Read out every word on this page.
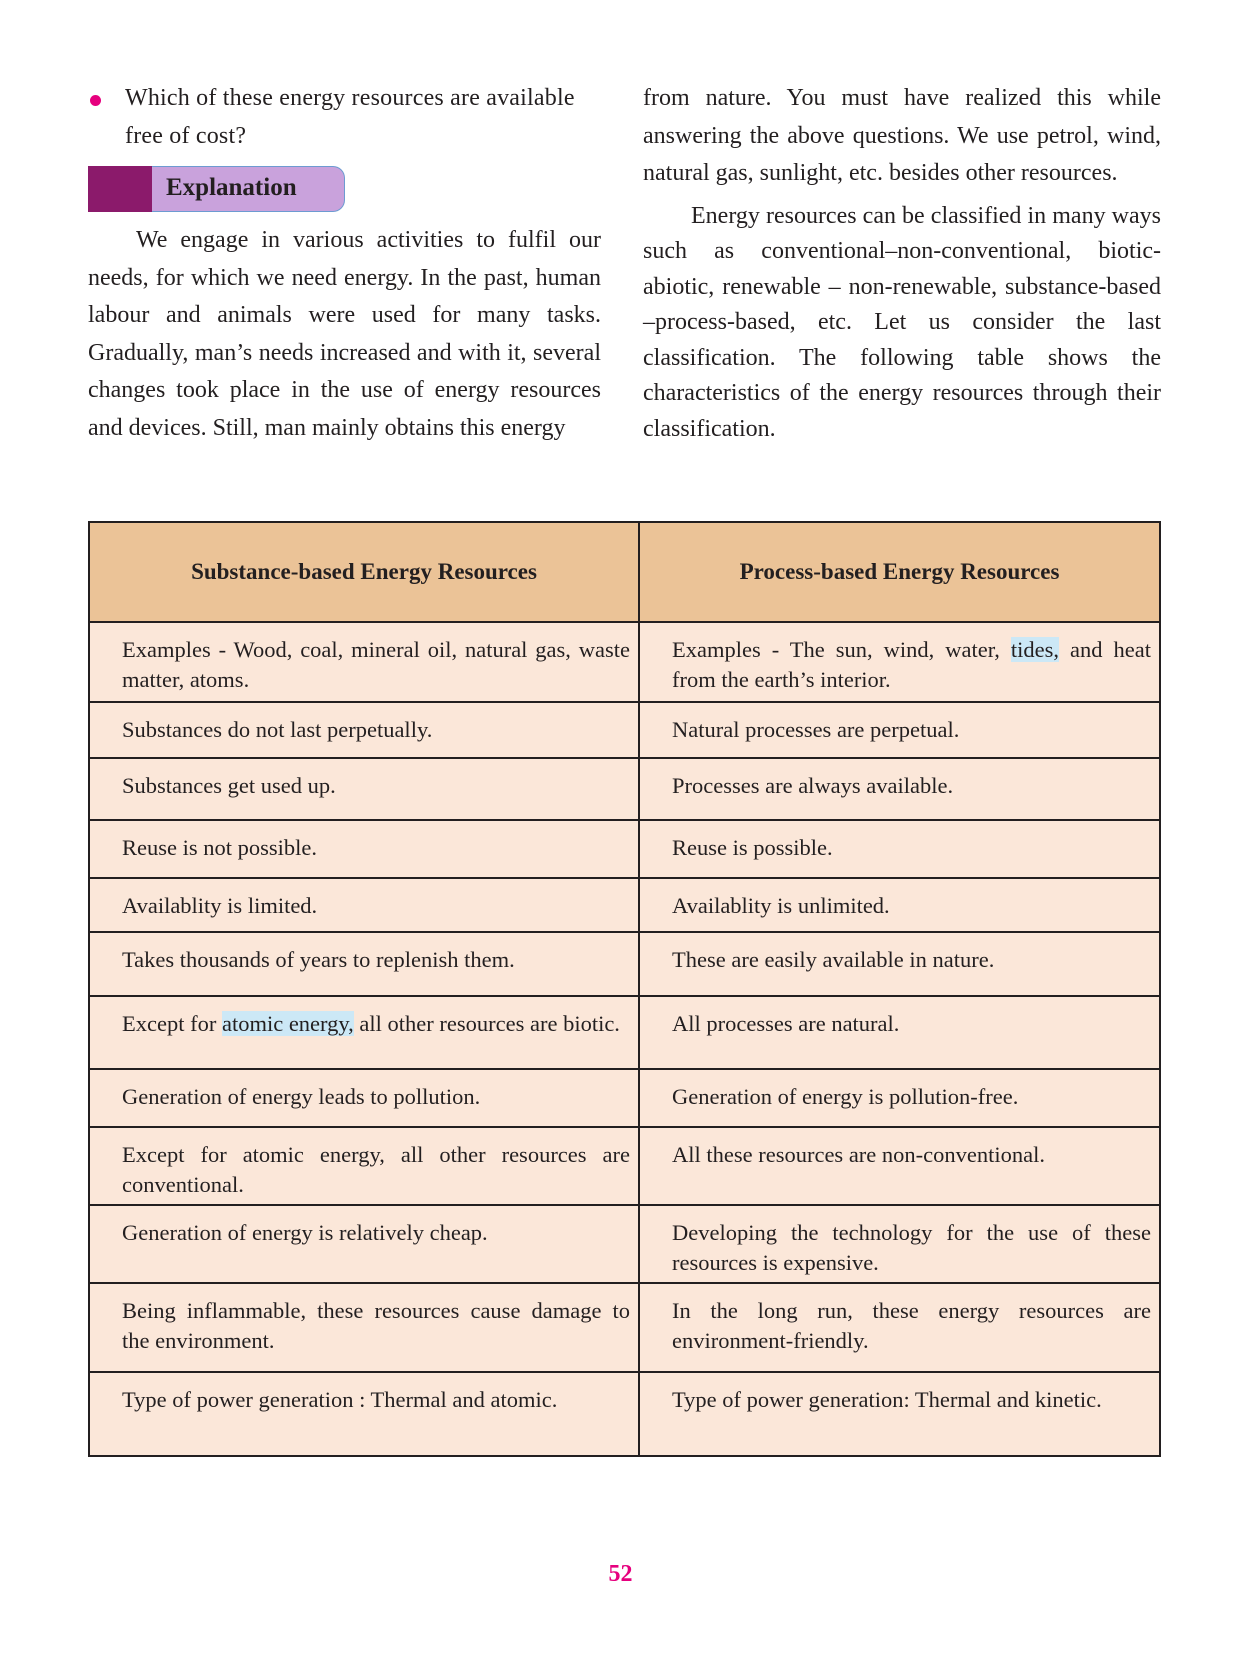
Which of these energy resources are available free of cost?
Explanation

We engage in various activities to fulfil our needs, for which we need energy. In the past, human labour and animals were used for many tasks. Gradually, man’s needs increased and with it, several changes took place in the use of energy resources and devices. Still, man mainly obtains this energy

from nature. You must have realized this while answering the above questions. We use petrol, wind, natural gas, sunlight, etc. besides other resources.

Energy resources can be classified in many ways such as conventional–non-conventional, biotic-abiotic, renewable – non-renewable, substance-based –process-based, etc. Let us consider the last classification. The following table shows the characteristics of the energy resources through their classification.

Substance-based Energy Resources	Process-based Energy Resources
Examples - Wood, coal, mineral oil, natural gas, waste matter, atoms.	Examples - The sun, wind, water, tides, and heat from the earth’s interior.
Substances do not last perpetually.	Natural processes are perpetual.
Substances get used up.	Processes are always available.
Reuse is not possible.	Reuse is possible.
Availablity is limited.	Availablity is unlimited.
Takes thousands of years to replenish them.	These are easily available in nature.
Except for atomic energy, all other resources are biotic.	All processes are natural.
Generation of energy leads to pollution.	Generation of energy is pollution-free.
Except for atomic energy, all other resources are conventional.	All these resources are non-conventional.
Generation of energy is relatively cheap.	Developing the technology for the use of these resources is expensive.
Being inflammable, these resources cause damage to the environment.	In the long run, these energy resources are environment-friendly.
Type of power generation : Thermal and atomic.	Type of power generation: Thermal and kinetic.
52
